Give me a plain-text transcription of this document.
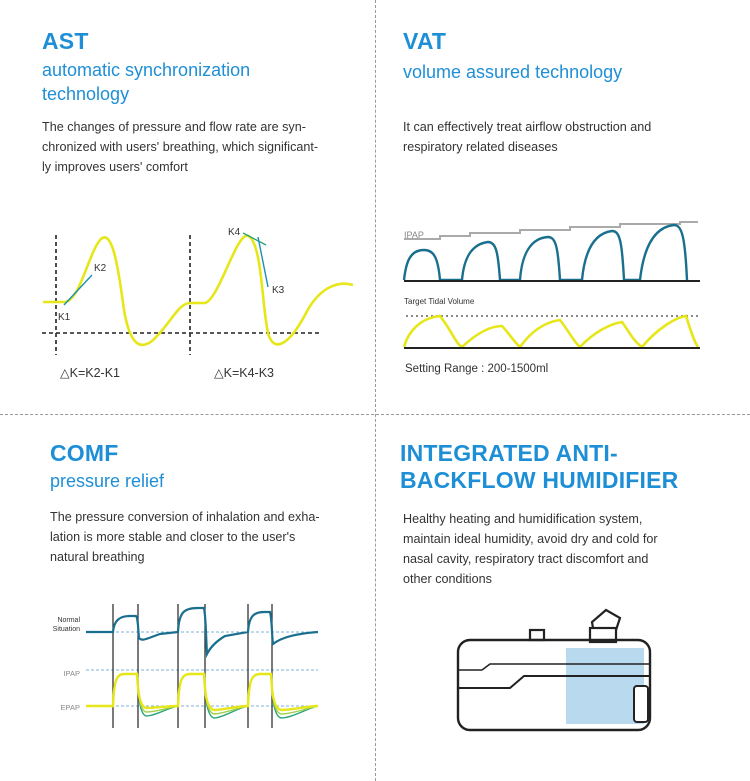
AST
automatic synchronization
technology
The changes of pressure and flow rate are syn-
chronized with users' breathing, which significant-
ly improves users' comfort
K2
K1
K4
K3
△K=K2-K1	△K=K4-K3
VAT
volume assured technology
It can effectively treat airflow obstruction and
respiratory related diseases
IPAP
Target Tidal Volume
Setting Range : 200-1500ml
COMF
pressure relief
The pressure conversion of inhalation and exha-
lation is more stable and closer to the user's
natural breathing
Normal
Situation
IPAP
EPAP
INTEGRATED ANTI-
BACKFLOW HUMIDIFIER
Healthy heating and humidification system,
maintain ideal humidity, avoid dry and cold for
nasal cavity, respiratory tract discomfort and
other conditions
